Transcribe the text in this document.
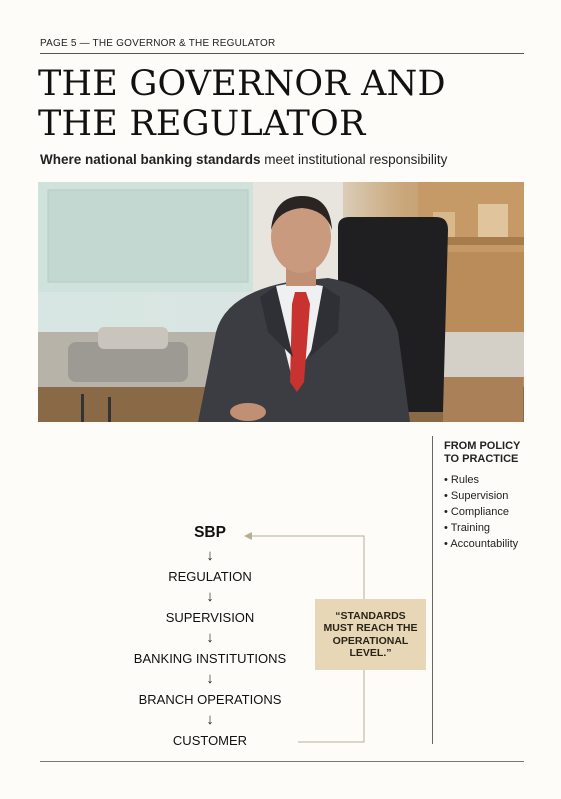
PAGE 5 — THE GOVERNOR & THE REGULATOR
THE GOVERNOR AND
THE REGULATOR
Where national banking standards meet institutional responsibility
FROM POLICY
TO PRACTICE
• Rules
• Supervision
• Compliance
• Training
• Accountability
SBP
↓
REGULATION
↓
SUPERVISION
↓
BANKING INSTITUTIONS
↓
BRANCH OPERATIONS
↓
CUSTOMER
“STANDARDS
MUST REACH THE
OPERATIONAL
LEVEL.”
